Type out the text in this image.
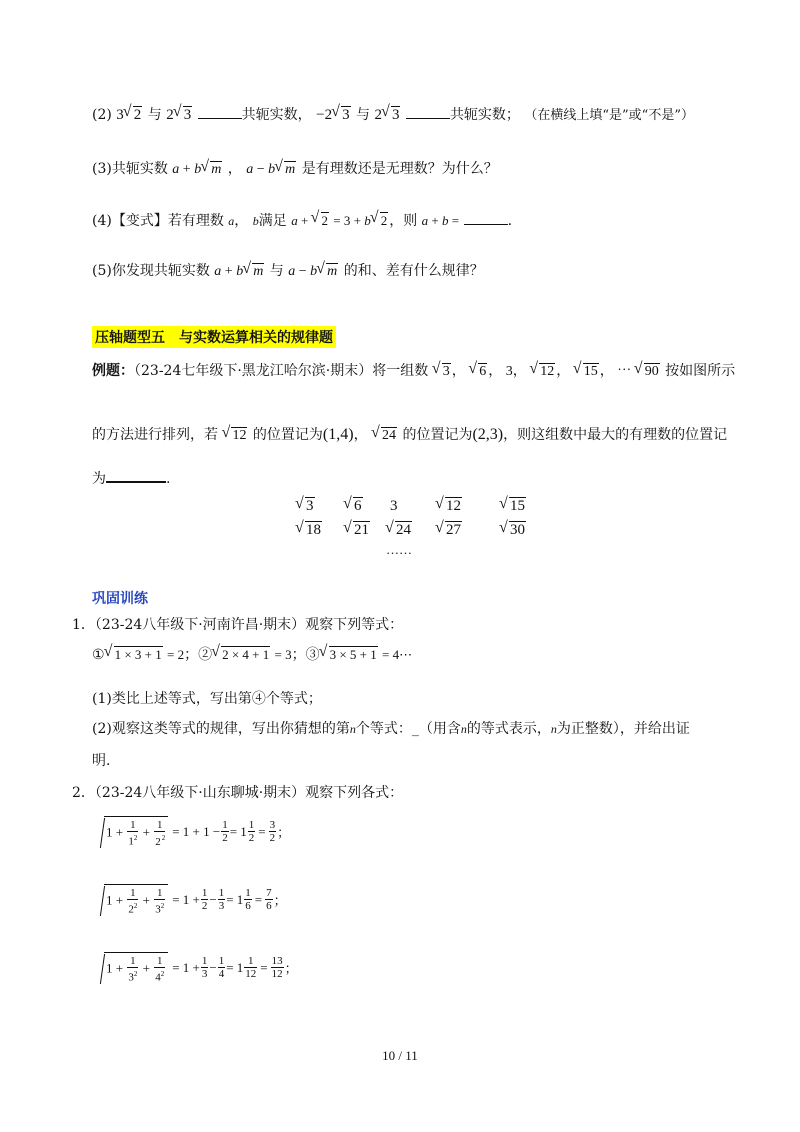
(2) 3 √ 2 与 2 √ 3	共轭实数， −2 √ 3 与 2 √ 3	共轭实数； （在横线上填“是”或“不是”）
(3)共轭实数 a + b √ m ， a − b √ m 是有理数还是无理数？为什么？
(4)【变式】若有理数 a， b满足 a + √ 2 = 3 + b √ 2 ，则 a + b =	.
(5)你发现共轭实数 a + b √ m 与 a − b √ m 的和、差有什么规律？
压轴题型五　与实数运算相关的规律题
例题：（23-24七年级下·黑龙江哈尔滨·期末）将一组数 √ 3 ， √ 6 ， 3， √ 12 ， √ 15 ， ⋯ √ 90 按如图所示
的方法进行排列，若 √ 12 的位置记为(1,4)， √ 24 的位置记为(2,3)，则这组数中最大的有理数的位置记
为	.
√ 3	√ 6 3	√ 12	√ 15
√ 18	√ 21	√ 24	√ 27	√ 30
……
巩固训练
1．（23-24八年级下·河南许昌·期末）观察下列等式：
① √ 1 × 3 + 1 = 2；② √ 2 × 4 + 1 = 3；③ √ 3 × 5 + 1 = 4⋯
(1)类比上述等式，写出第④个等式；
(2)观察这类等式的规律，写出你猜想的第n个等式：_（用含n的等式表示，n为正整数），并给出证
明.
2．（23-24八年级下·山东聊城·期末）观察下列各式：
$1 + \frac{1}{1^2} + 1$
$2^2 = 1 + 1 - \frac{1}{2} = 1 \frac{1}{2} = \frac{3}{2}$ ；
$1 + \frac{1}{2^2} + \frac{1}{3^2} = 1 + \frac{1}{2} - \frac{1}{3} = 1 \frac{1}{6} = \frac{7}{6}$ ；
$1 + \frac{1}{3^2} + \frac{1}{4^2} = 1 + \frac{1}{3} - \frac{1}{4} = 1 \frac{1}{12} = \frac{13}{12}$ ；
10 / 11
